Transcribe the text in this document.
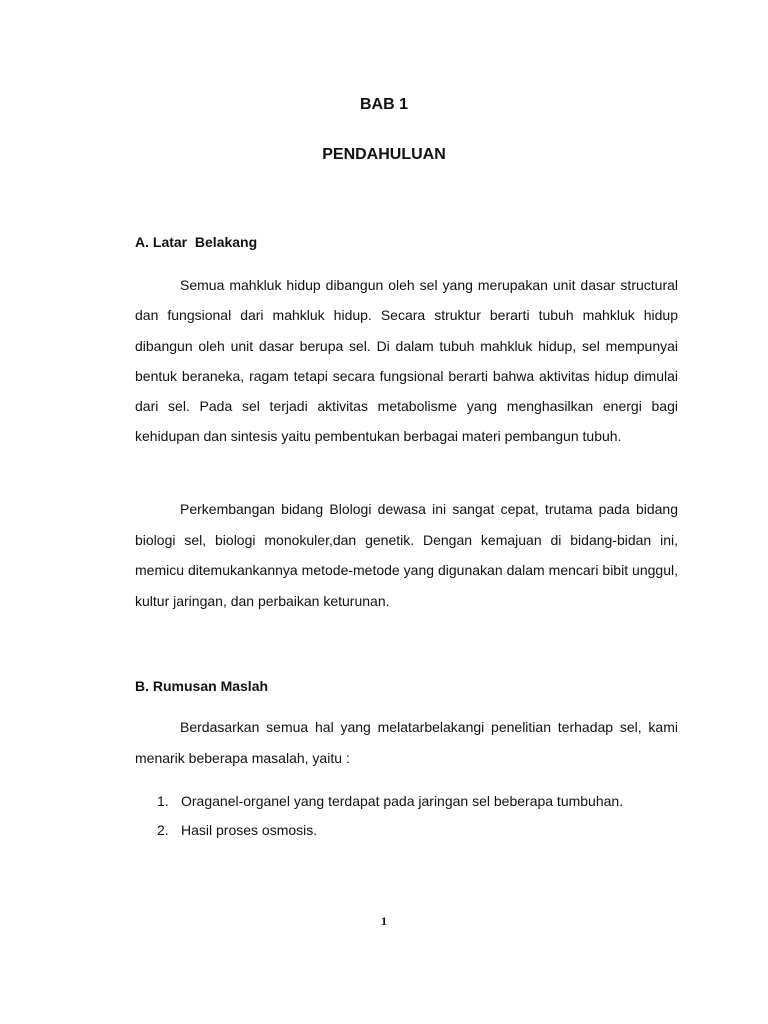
BAB 1
PENDAHULUAN
A. Latar  Belakang

Semua mahkluk hidup dibangun oleh sel yang merupakan unit dasar structural dan fungsional dari mahkluk hidup. Secara struktur berarti tubuh mahkluk hidup dibangun oleh unit dasar berupa sel. Di dalam tubuh mahkluk hidup, sel mempunyai bentuk beraneka, ragam tetapi secara fungsional berarti bahwa aktivitas hidup dimulai dari sel. Pada sel terjadi aktivitas metabolisme yang menghasilkan energi bagi kehidupan dan sintesis yaitu pembentukan berbagai materi pembangun tubuh.

Perkembangan bidang Blologi dewasa ini sangat cepat, trutama pada bidang biologi sel, biologi monokuler,dan genetik. Dengan kemajuan di bidang-bidan ini, memicu ditemukankannya metode-metode yang digunakan dalam mencari bibit unggul, kultur jaringan, dan perbaikan keturunan.

B. Rumusan Maslah

Berdasarkan semua hal yang melatarbelakangi penelitian terhadap sel, kami menarik beberapa masalah, yaitu :

1. Oraganel-organel yang terdapat pada jaringan sel beberapa tumbuhan.
2. Hasil proses osmosis.
1
